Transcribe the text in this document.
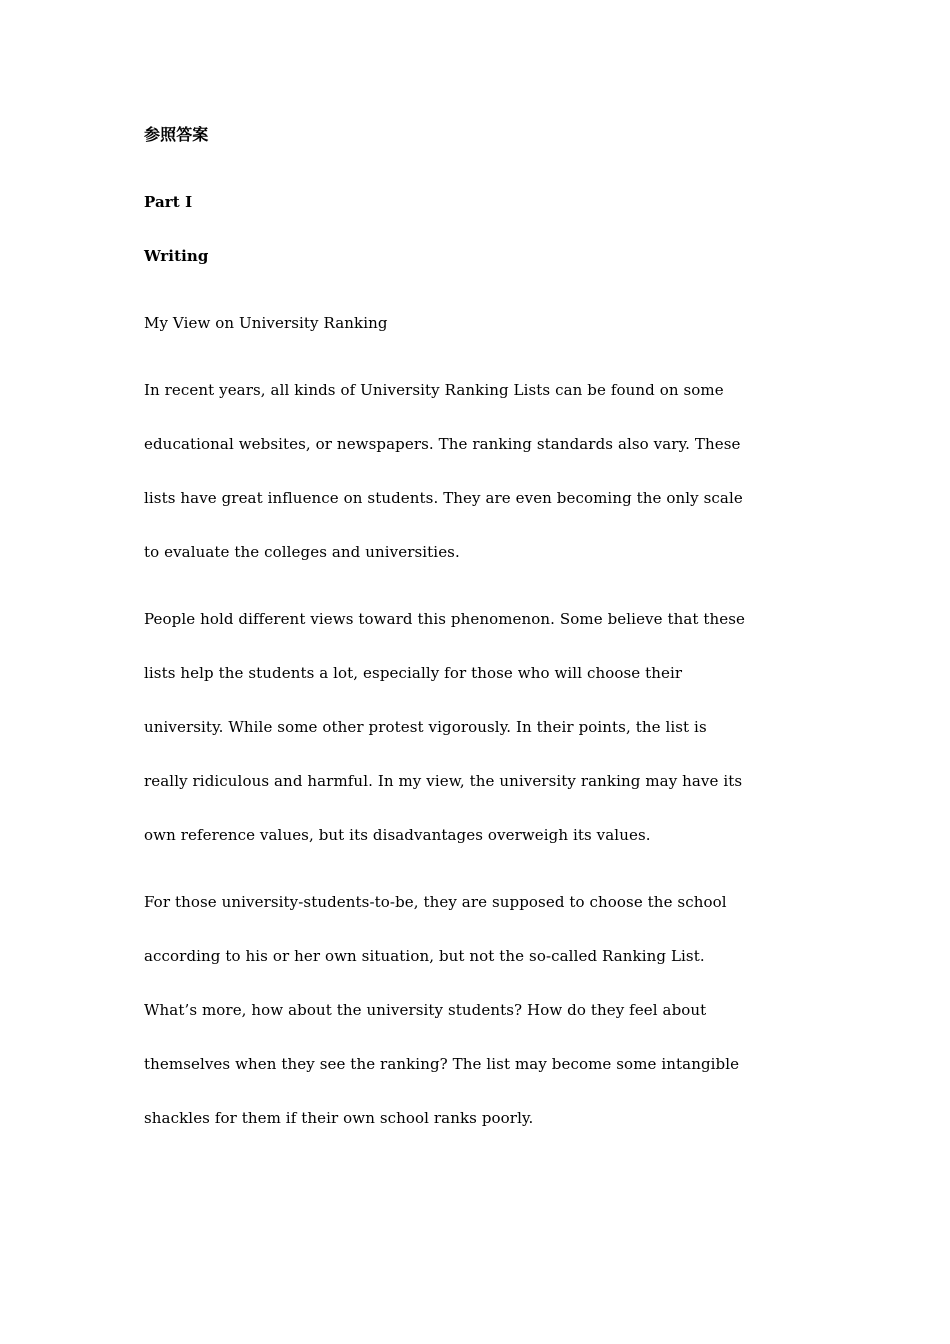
参照答案
Part Ⅰ
Writing
My View on University Ranking
In recent years, all kinds of University Ranking Lists can be found on some
educational websites, or newspapers. The ranking standards also vary. These
lists have great influence on students. They are even becoming the only scale
to evaluate the colleges and universities.
People hold different views toward this phenomenon. Some believe that these
lists help the students a lot, especially for those who will choose their
university. While some other protest vigorously. In their points, the list is
really ridiculous and harmful. In my view, the university ranking may have its
own reference values, but its disadvantages overweigh its values.
For those university-students-to-be, they are supposed to choose the school
according to his or her own situation, but not the so-called Ranking List.
What’s more, how about the university students? How do they feel about
themselves when they see the ranking? The list may become some intangible
shackles for them if their own school ranks poorly.
